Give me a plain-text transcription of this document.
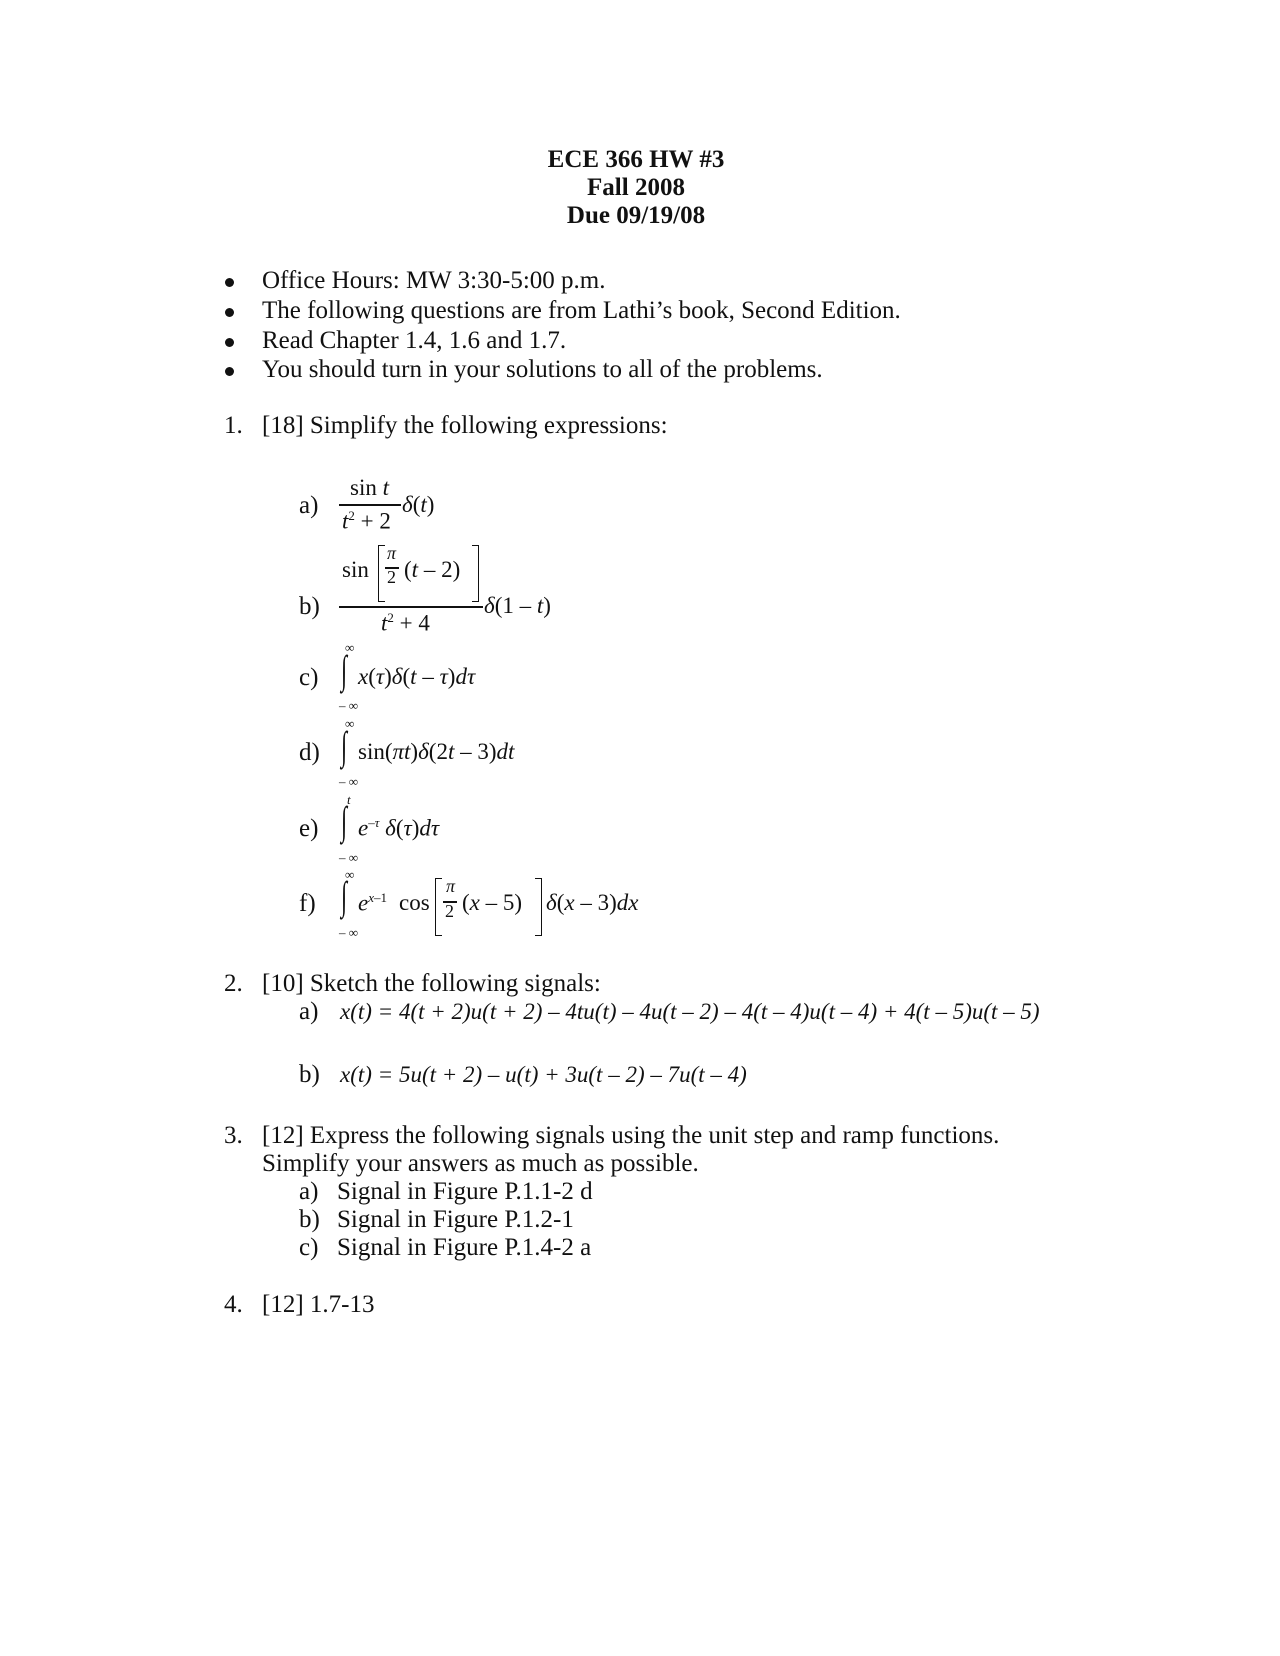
ECE 366 HW #3
Fall 2008
Due 09/19/08
Office Hours: MW 3:30-5:00 p.m.
The following questions are from Lathi’s book, Second Edition.
Read Chapter 1.4, 1.6 and 1.7.
You should turn in your solutions to all of the problems.
1. [18] Simplify the following expressions:
a)
sin t
$t^2 + 2$
δ(t)
b)
sin
π
2 (t – 2)
$t^2 + 4$
δ(1 – t)
c)
∞
∫
– ∞
x(τ)δ(t – τ)dτ
d)
∞
∫
– ∞
sin(πt)δ(2t – 3)dt
e)
t
∫
– ∞
$e^{-\tau}$ δ(τ)dτ
f)
∞
∫
– ∞
$e^{x-1}$ cos
π
2 (x – 5) δ(x – 3)dx
2. [10] Sketch the following signals:
a) x(t) = 4(t + 2)u(t + 2) – 4tu(t) – 4u(t – 2) – 4(t – 4)u(t – 4) + 4(t – 5)u(t – 5)
b) x(t) = 5u(t + 2) – u(t) + 3u(t – 2) – 7u(t – 4)
3. [12] Express the following signals using the unit step and ramp functions.
Simplify your answers as much as possible.
a) Signal in Figure P.1.1-2 d
b) Signal in Figure P.1.2-1
c) Signal in Figure P.1.4-2 a
4. [12] 1.7-13
